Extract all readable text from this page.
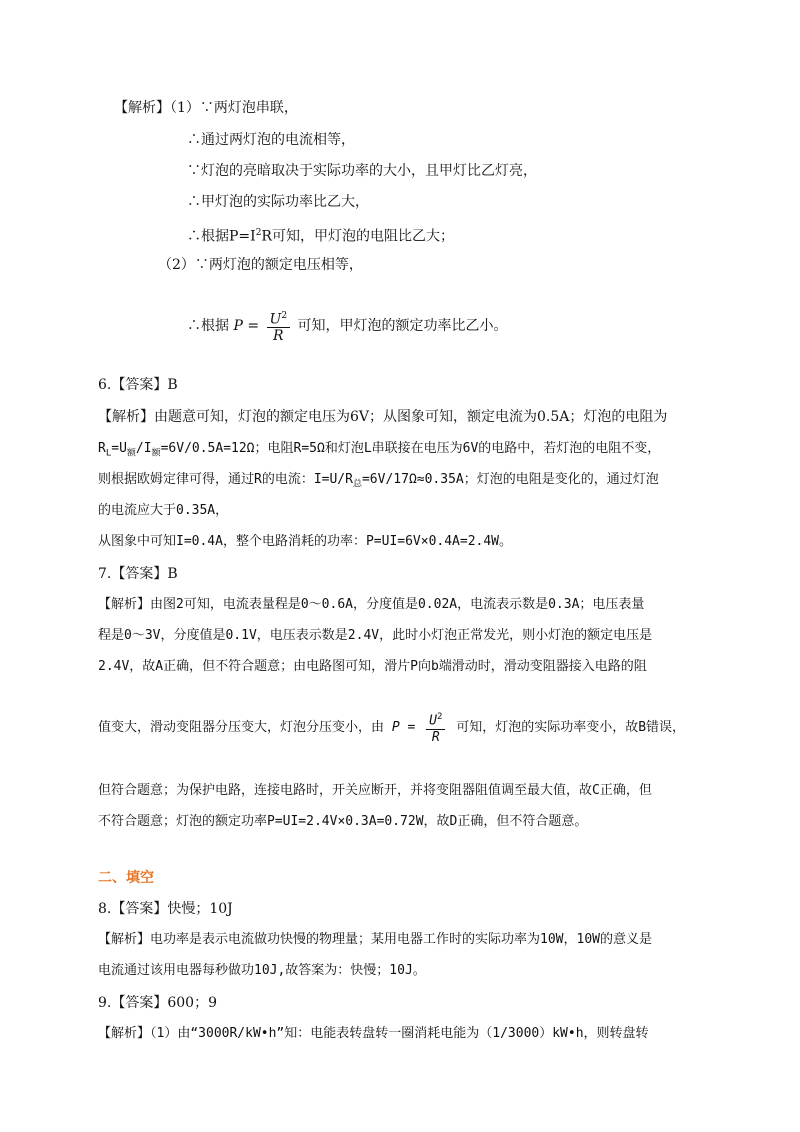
【解析】（1）∵两灯泡串联，
∴通过两灯泡的电流相等，
∵灯泡的亮暗取决于实际功率的大小，且甲灯比乙灯亮，
∴甲灯泡的实际功率比乙大，
∴根据$P=I^2R$可知，甲灯泡的电阻比乙大；
（2）∵两灯泡的额定电压相等，
∴根据 $P = \frac{U^2}{R}$ 可知，甲灯泡的额定功率比乙小。
6.【答案】B
【解析】由题意可知，灯泡的额定电压为6V；从图象可知，额定电流为0.5A；灯泡的电阻为
$R_L=U_额/I_额=6V/0.5A=12\Omega$；电阻R=5Ω和灯泡L串联接在电压为6V的电路中，若灯泡的电阻不变，
则根据欧姆定律可得，通过R的电流：$I=U/R_总=6V/17\Omega\approx 0.35A$；灯泡的电阻是变化的，通过灯泡
的电流应大于0.35A，
从图象中可知I=0.4A，整个电路消耗的功率：P=UI=6V×0.4A=2.4W。
7.【答案】B
【解析】由图2可知，电流表量程是0～0.6A，分度值是0.02A，电流表示数是0.3A；电压表量
程是0～3V，分度值是0.1V，电压表示数是2.4V，此时小灯泡正常发光，则小灯泡的额定电压是
2.4V，故A正确，但不符合题意；由电路图可知，滑片P向b端滑动时，滑动变阻器接入电路的阻
值变大，滑动变阻器分压变大，灯泡分压变小，由 $P = \frac{U^2}{R}$ 可知，灯泡的实际功率变小，故B错误，
但符合题意；为保护电路，连接电路时，开关应断开，并将变阻器阻值调至最大值，故C正确，但
不符合题意；灯泡的额定功率P=UI=2.4V×0.3A=0.72W，故D正确，但不符合题意。
二、填空
8.【答案】快慢；10J
【解析】电功率是表示电流做功快慢的物理量；某用电器工作时的实际功率为10W，10W的意义是
电流通过该用电器每秒做功10J,故答案为：快慢；10J。
9.【答案】600；9
【解析】（1）由“3000R/kW•h”知：电能表转盘转一圈消耗电能为（1/3000）kW•h，则转盘转
